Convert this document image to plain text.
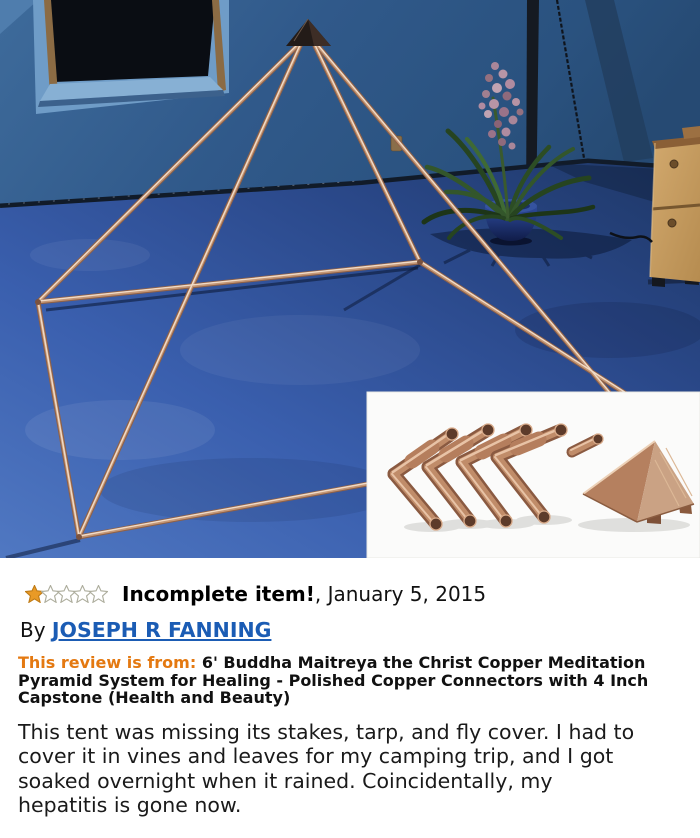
Incomplete item! , January 5, 2015
By JOSEPH R FANNING
This review is from: 6' Buddha Maitreya the Christ Copper Meditation
Pyramid System for Healing - Polished Copper Connectors with 4 Inch
Capstone (Health and Beauty)
This tent was missing its stakes, tarp, and fly cover. I had to
cover it in vines and leaves for my camping trip, and I got
soaked overnight when it rained. Coincidentally, my
hepatitis is gone now.
